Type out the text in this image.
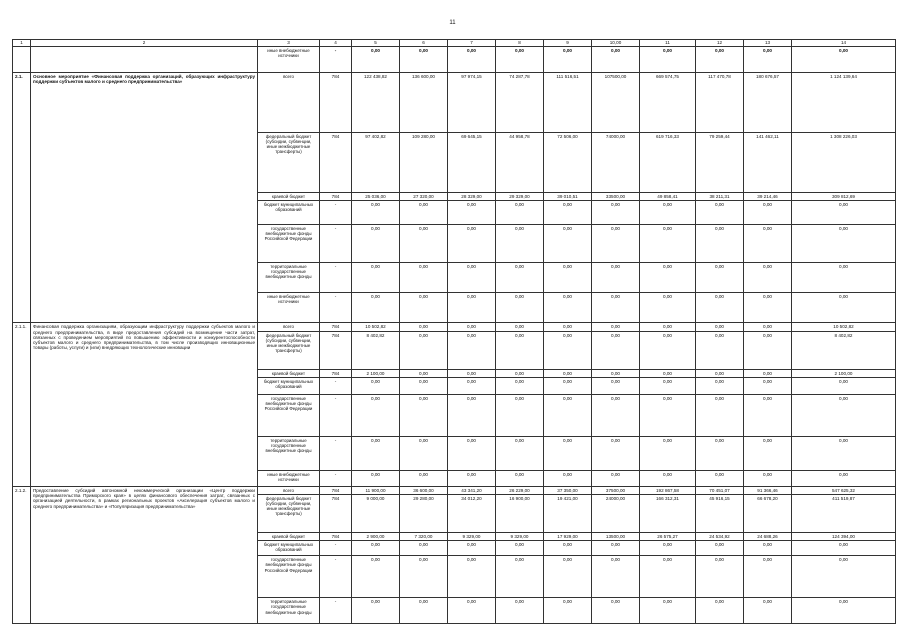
11
1	2	3	4	5	6	7	8	9	10,00	11	12	13	14
		иные внебюджетные источники	-	0,00	0,00	0,00	0,00	0,00	0,00	0,00	0,00	0,00	0,00
2.1.	Основное мероприятие «Финансовая поддержка организаций, образующих инфраструктуру поддержки субъектов малого и среднего предпринимательства»	всего	784	122 438,82	136 600,00	97 974,15	74 287,78	111 516,51	107500,00	669 574,75	117 470,78	180 676,57	1 124 139,64
		федеральный бюджет (субсидии, субвенции, иные межбюджетные трансферты)	784	97 402,82	109 280,00	69 645,15	44 958,78	72 506,00	74000,00	619 716,33	79 259,44	141 462,11	1 308 226,03
		краевой бюджет	784	25 036,00	27 320,00	28 329,00	29 329,00	39 010,51	33500,00	49 858,41	38 211,31	39 214,46	309 812,69
		бюджет муниципальных образований	-	0,00	0,00	0,00	0,00	0,00	0,00	0,00	0,00	0,00	0,00
		государственные внебюджетные фонды Российской Федерации	-	0,00	0,00	0,00	0,00	0,00	0,00	0,00	0,00	0,00	0,00
		территориальные государственные внебюджетные фонды	-	0,00	0,00	0,00	0,00	0,00	0,00	0,00	0,00	0,00	0,00
		иные внебюджетные источники	-	0,00	0,00	0,00	0,00	0,00	0,00	0,00	0,00	0,00	0,00
2.1.1.	Финансовая поддержка организациям, образующим инфраструктуру поддержки субъектов малого и среднего предпринимательства, в виде предоставления субсидий на возмещение части затрат, связанных с проведением мероприятий по повышению эффективности и конкурентоспособности субъектов малого и среднего предпринимательства, в том числе производящих инновационные товары (работы, услуги) и (или) внедряющих технологические инновации	всего	784	10 502,82	0,00	0,00	0,00	0,00	0,00	0,00	0,00	0,00	10 502,82
		федеральный бюджет (субсидии, субвенции, иные межбюджетные трансферты)	784	8 402,82	0,00	0,00	0,00	0,00	0,00	0,00	0,00	0,00	8 402,82
		краевой бюджет	784	2 100,00	0,00	0,00	0,00	0,00	0,00	0,00	0,00	0,00	2 100,00
		бюджет муниципальных образований	-	0,00	0,00	0,00	0,00	0,00	0,00	0,00	0,00	0,00	0,00
		государственные внебюджетные фонды Российской Федерации	-	0,00	0,00	0,00	0,00	0,00	0,00	0,00	0,00	0,00	0,00
		территориальные государственные внебюджетные фонды	-	0,00	0,00	0,00	0,00	0,00	0,00	0,00	0,00	0,00	0,00
		иные внебюджетные источники	-	0,00	0,00	0,00	0,00	0,00	0,00	0,00	0,00	0,00	0,00
2.1.2.	Предоставление субсидий автономной некоммерческой организации «Центр поддержки предпринимательства Приморского края» в целях финансового обеспечения затрат, связанных с организацией деятельности, в рамках региональных проектов «Акселерация субъектов малого и среднего предпринимательства» и «Популяризация предпринимательства»	всего	784	11 900,00	36 600,00	43 341,20	26 229,00	37 350,00	37500,00	192 867,58	70 451,07	91 366,46	547 625,32
		федеральный бюджет (субсидии, субвенции, иные межбюджетные трансферты)	784	9 000,00	29 280,00	34 012,20	16 900,00	19 421,00	24000,00	166 312,31	45 916,15	66 678,20	411 519,87
		краевой бюджет	784	2 900,00	7 320,00	9 329,00	9 329,00	17 929,00	13500,00	26 575,27	24 534,92	24 688,26	124 394,00
		бюджет муниципальных образований	-	0,00	0,00	0,00	0,00	0,00	0,00	0,00	0,00	0,00	0,00
		государственные внебюджетные фонды Российской Федерации	-	0,00	0,00	0,00	0,00	0,00	0,00	0,00	0,00	0,00	0,00
		территориальные государственные внебюджетные фонды	-	0,00	0,00	0,00	0,00	0,00	0,00	0,00	0,00	0,00	0,00
